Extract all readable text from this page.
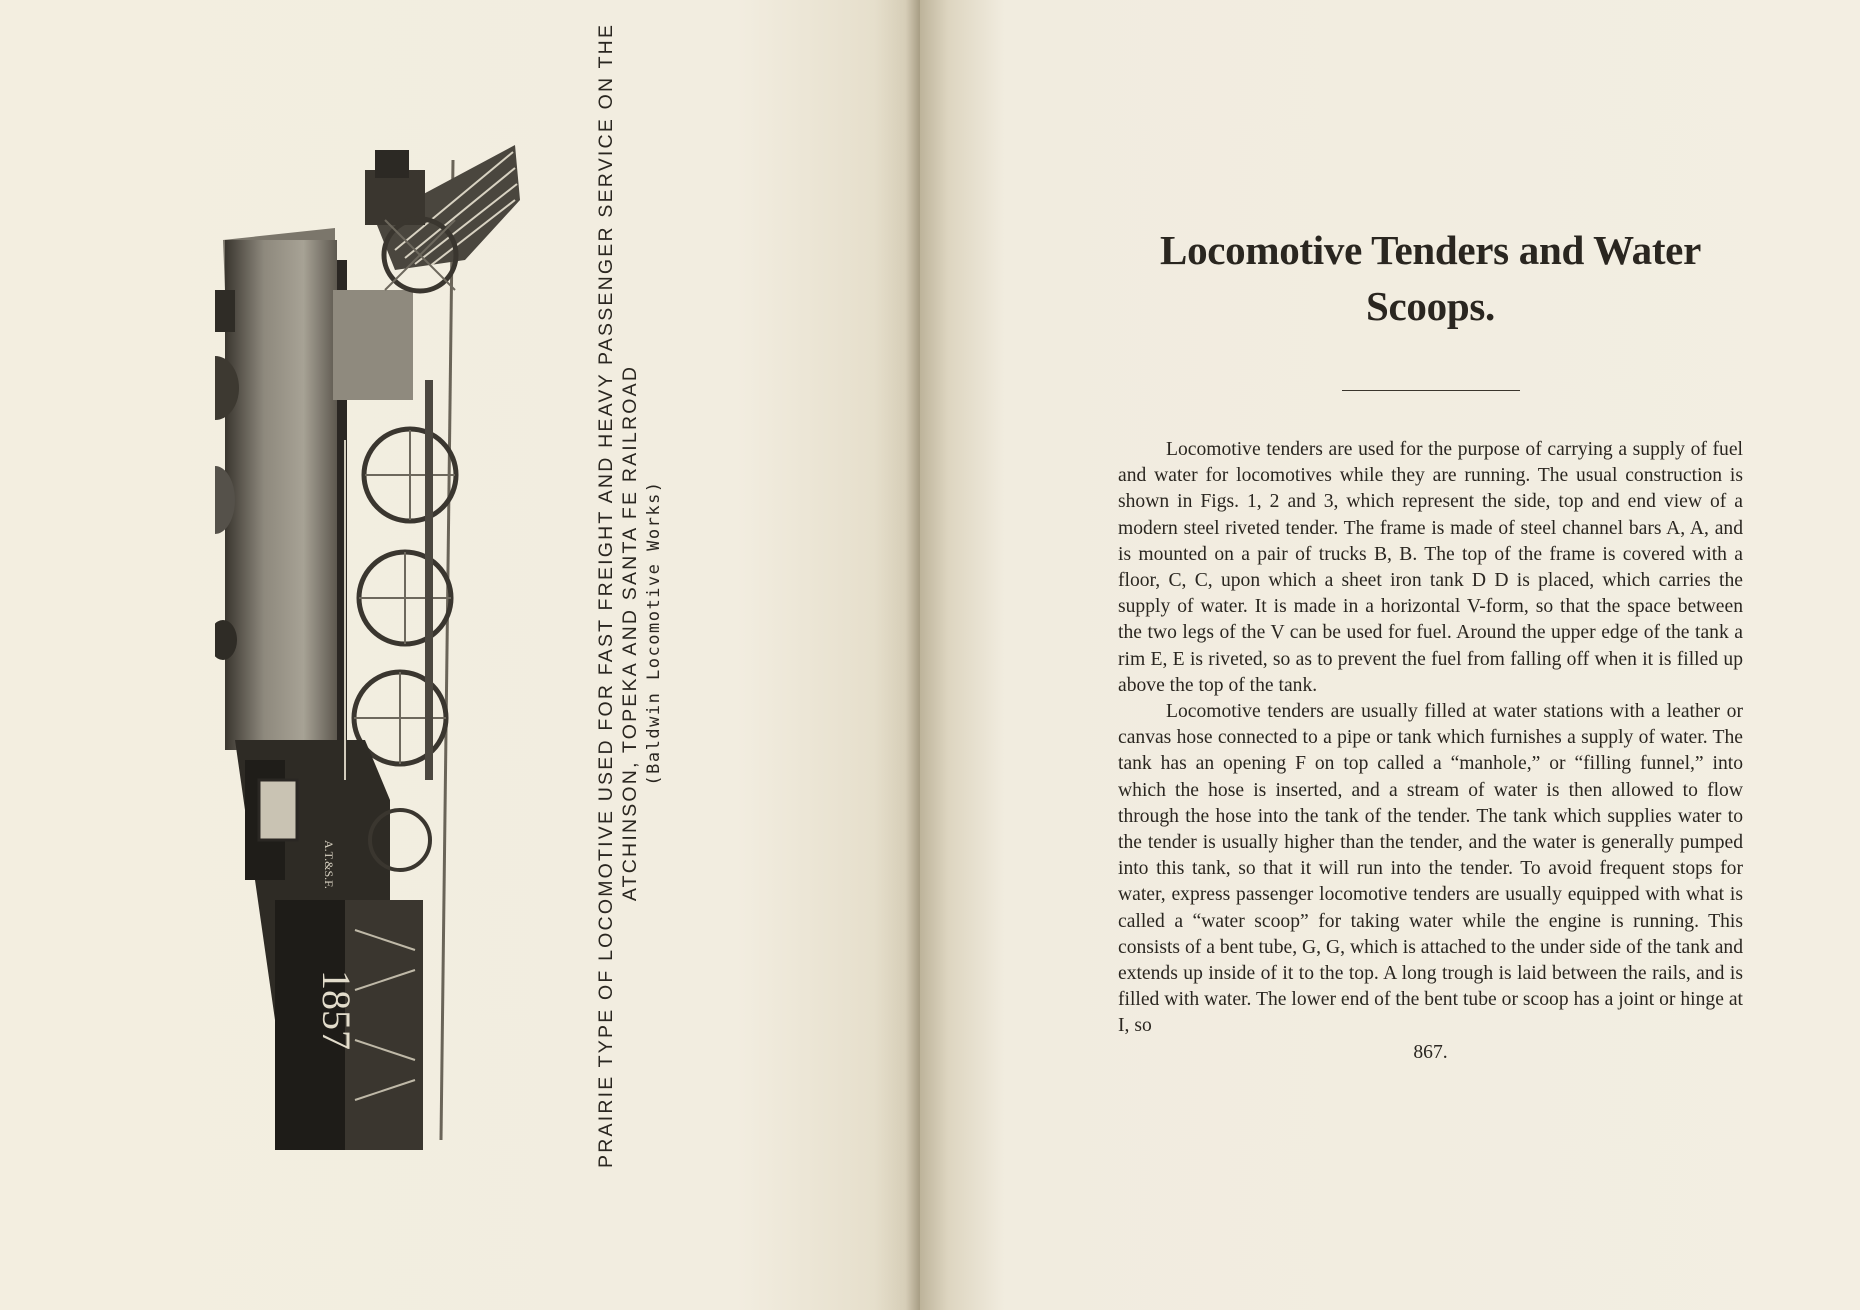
A.T.&S.F.
1857	PRAIRIE TYPE OF LOCOMOTIVE USED FOR FAST FREIGHT AND HEAVY PASSENGER SERVICE ON THE ATCHINSON, TOPEKA AND SANTA FE RAILROAD (Baldwin Locomotive Works)
Locomotive Tenders and Water Scoops.

Locomotive tenders are used for the purpose of carrying a supply of fuel and water for locomotives while they are running. The usual construction is shown in Figs. 1, 2 and 3, which represent the side, top and end view of a modern steel riveted tender. The frame is made of steel channel bars A, A, and is mounted on a pair of trucks B, B. The top of the frame is covered with a floor, C, C, upon which a sheet iron tank D D is placed, which carries the supply of water. It is made in a horizontal V-form, so that the space between the two legs of the V can be used for fuel. Around the upper edge of the tank a rim E, E is riveted, so as to prevent the fuel from falling off when it is filled up above the top of the tank.

Locomotive tenders are usually filled at water stations with a leather or canvas hose connected to a pipe or tank which furnishes a supply of water. The tank has an opening F on top called a “manhole,” or “filling funnel,” into which the hose is inserted, and a stream of water is then allowed to flow through the hose into the tank of the tender. The tank which supplies water to the tender is usually higher than the tender, and the water is generally pumped into this tank, so that it will run into the tender. To avoid frequent stops for water, express passenger locomotive tenders are usually equipped with what is called a “water scoop” for taking water while the engine is running. This consists of a bent tube, G, G, which is attached to the under side of the tank and extends up inside of it to the top. A long trough is laid between the rails, and is filled with water. The lower end of the bent tube or scoop has a joint or hinge at I, so

867.
